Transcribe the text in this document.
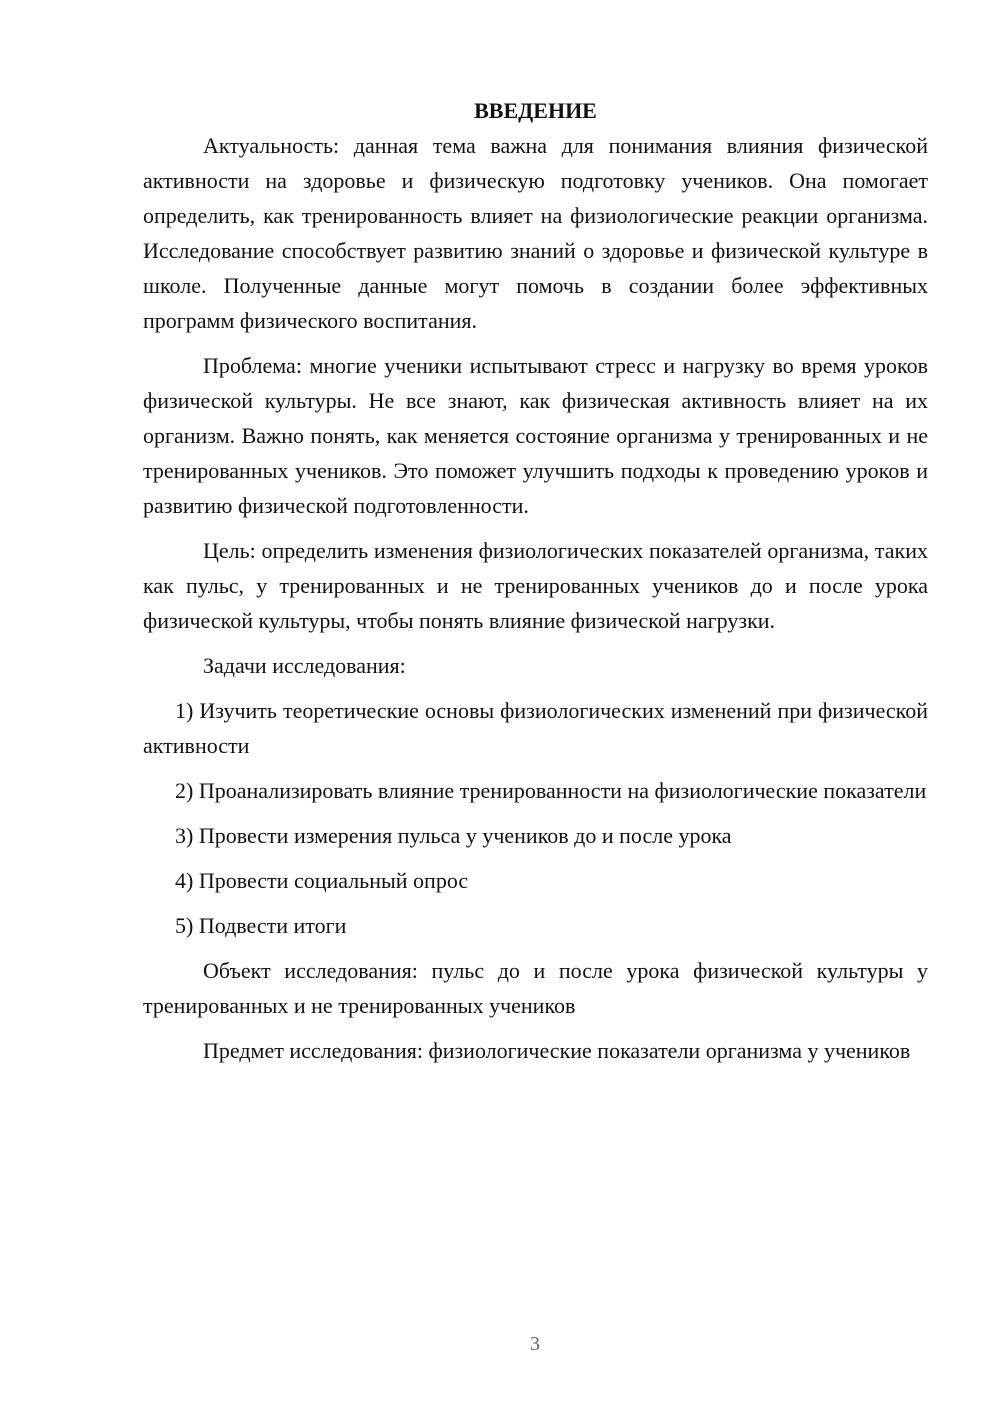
ВВЕДЕНИЕ

Актуальность: данная тема важна для понимания влияния физической активности на здоровье и физическую подготовку учеников. Она помогает определить, как тренированность влияет на физиологические реакции организма. Исследование способствует развитию знаний о здоровье и физической культуре в школе. Полученные данные могут помочь в создании более эффективных программ физического воспитания.

Проблема: многие ученики испытывают стресс и нагрузку во время уроков физической культуры. Не все знают, как физическая активность влияет на их организм. Важно понять, как меняется состояние организма у тренированных и не тренированных учеников. Это поможет улучшить подходы к проведению уроков и развитию физической подготовленности.

Цель: определить изменения физиологических показателей организма, таких как пульс, у тренированных и не тренированных учеников до и после урока физической культуры, чтобы понять влияние физической нагрузки.

Задачи исследования:

1) Изучить теоретические основы физиологических изменений при физической активности

2) Проанализировать влияние тренированности на физиологические показатели

3) Провести измерения пульса у учеников до и после урока

4) Провести социальный опрос

5) Подвести итоги

Объект исследования: пульс до и после урока физической культуры у тренированных и не тренированных учеников

Предмет исследования: физиологические показатели организма у учеников

3
